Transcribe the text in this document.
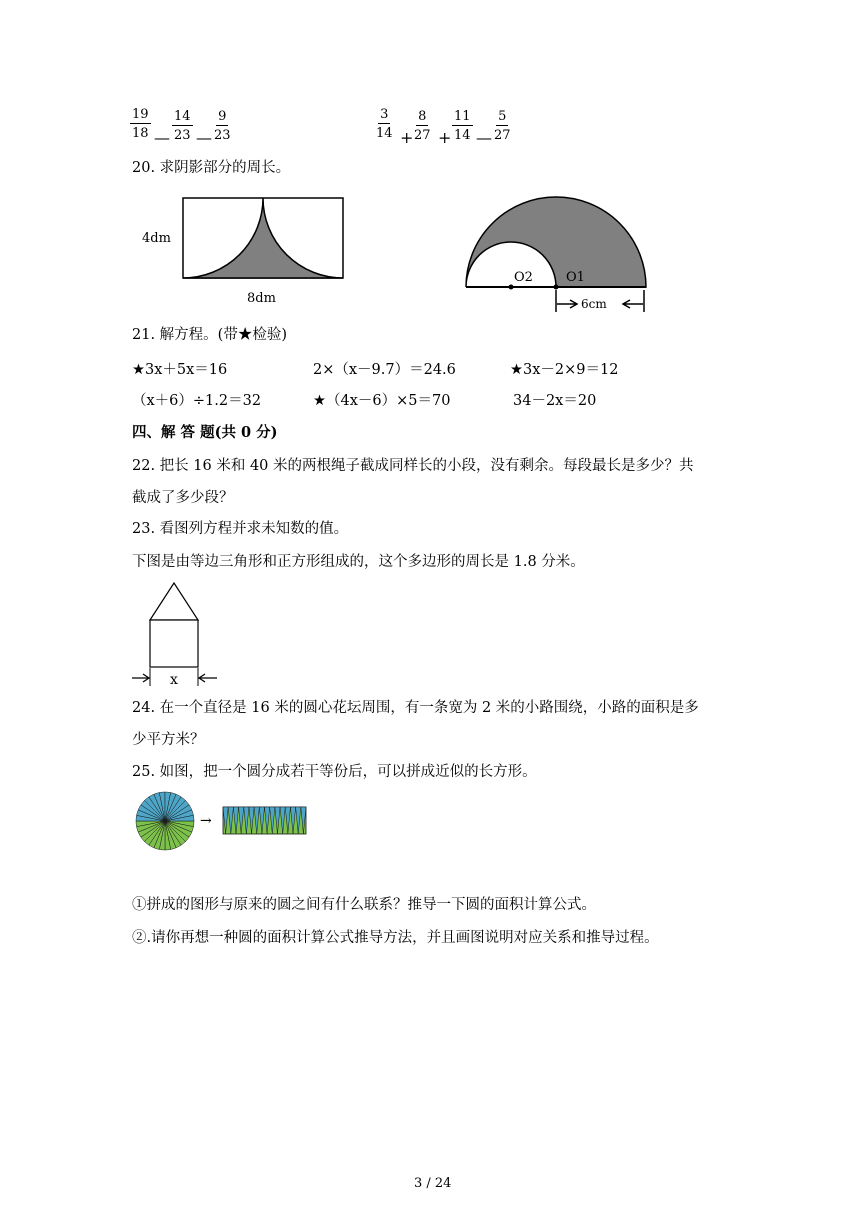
$\frac{19}{18}$ — $\frac{14}{23}$ — $\frac{9}{23}$	$\frac{3}{14} + \frac{8}{27} + \frac{11}{14}$ — $\frac{5}{27}$
20. 求阴影部分的周长。
4dm
8dm
O2	O1
6cm
21. 解方程。(带★检验)
★3x＋5x＝16	2×（x－9.7）＝24.6	★3x－2×9＝12
（x＋6）÷1.2＝32	★（4x－6）×5＝70	34－2x＝20
四、解 答 题(共 0 分)
22. 把长 16 米和 40 米的两根绳子截成同样长的小段，没有剩余。每段最长是多少？共
截成了多少段？
23. 看图列方程并求未知数的值。
下图是由等边三角形和正方形组成的，这个多边形的周长是 1.8 分米。
x
24. 在一个直径是 16 米的圆心花坛周围，有一条宽为 2 米的小路围绕，小路的面积是多
少平方米？
25. 如图，把一个圆分成若干等份后，可以拼成近似的长方形。
→
①拼成的图形与原来的圆之间有什么联系？推导一下圆的面积计算公式。
②.请你再想一种圆的面积计算公式推导方法，并且画图说明对应关系和推导过程。
3 / 24
